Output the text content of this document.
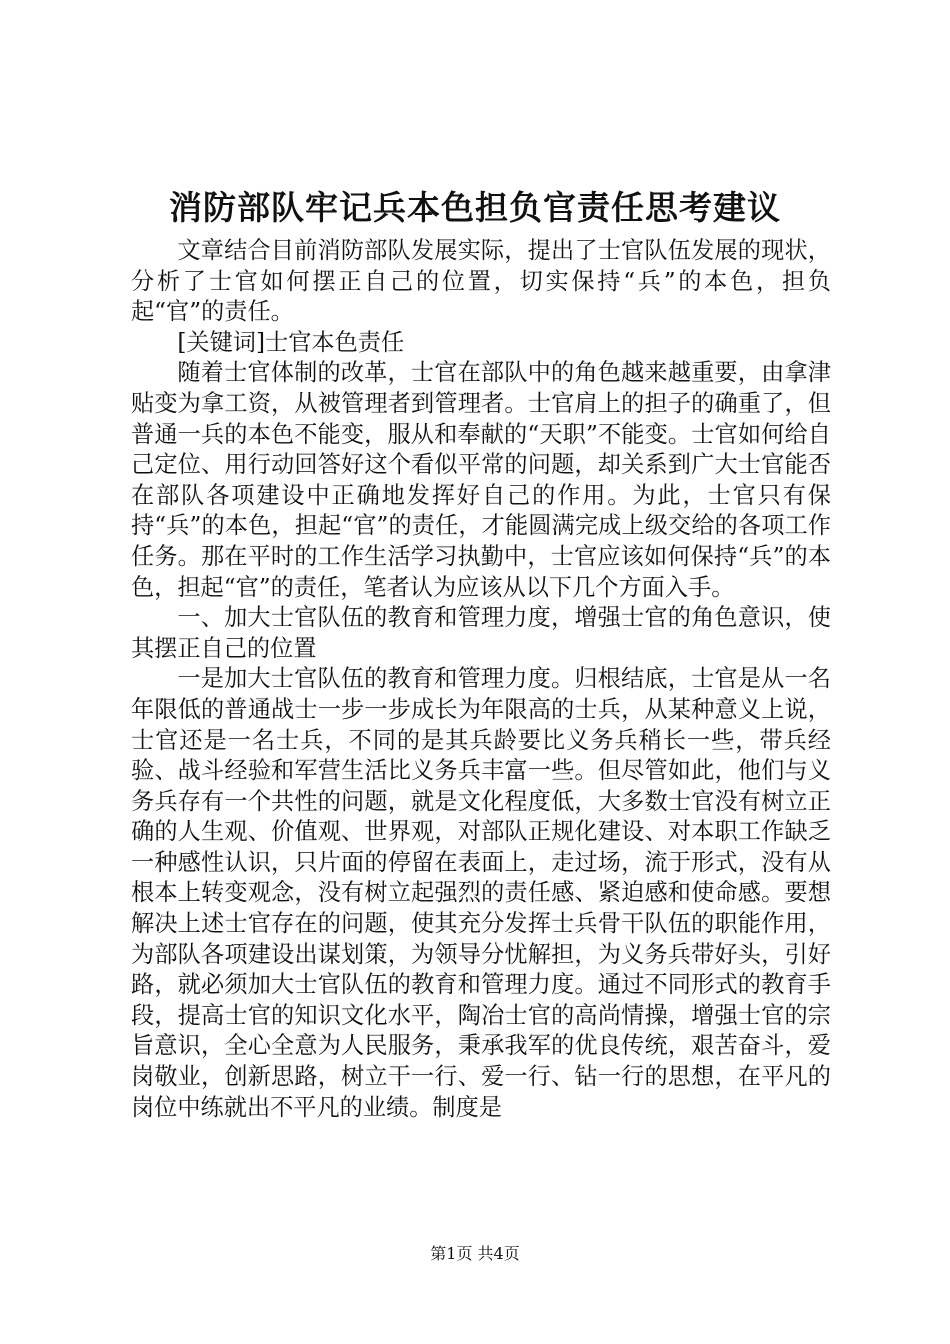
消防部队牢记兵本色担负官责任思考建议

文章结合目前消防部队发展实际，提出了士官队伍发展的现状，分析了士官如何摆正自己的位置，切实保持“兵”的本色，担负起“官”的责任。

[关键词]士官本色责任

随着士官体制的改革，士官在部队中的角色越来越重要，由拿津贴变为拿工资，从被管理者到管理者。士官肩上的担子的确重了，但普通一兵的本色不能变，服从和奉献的“天职”不能变。士官如何给自己定位、用行动回答好这个看似平常的问题，却关系到广大士官能否在部队各项建设中正确地发挥好自己的作用。为此，士官只有保持“兵”的本色，担起“官”的责任，才能圆满完成上级交给的各项工作任务。那在平时的工作生活学习执勤中，士官应该如何保持“兵”的本色，担起“官”的责任，笔者认为应该从以下几个方面入手。

一、加大士官队伍的教育和管理力度，增强士官的角色意识，使其摆正自己的位置

一是加大士官队伍的教育和管理力度。归根结底，士官是从一名年限低的普通战士一步一步成长为年限高的士兵，从某种意义上说，士官还是一名士兵，不同的是其兵龄要比义务兵稍长一些，带兵经验、战斗经验和军营生活比义务兵丰富一些。但尽管如此，他们与义务兵存有一个共性的问题，就是文化程度低，大多数士官没有树立正确的人生观、价值观、世界观，对部队正规化建设、对本职工作缺乏一种感性认识，只片面的停留在表面上，走过场，流于形式，没有从根本上转变观念，没有树立起强烈的责任感、紧迫感和使命感。要想解决上述士官存在的问题，使其充分发挥士兵骨干队伍的职能作用，为部队各项建设出谋划策，为领导分忧解担，为义务兵带好头，引好路，就必须加大士官队伍的教育和管理力度。通过不同形式的教育手段，提高士官的知识文化水平，陶冶士官的高尚情操，增强士官的宗旨意识，全心全意为人民服务，秉承我军的优良传统，艰苦奋斗，爱岗敬业，创新思路，树立干一行、爱一行、钻一行的思想，在平凡的岗位中练就出不平凡的业绩。制度是

第1页 共4页
